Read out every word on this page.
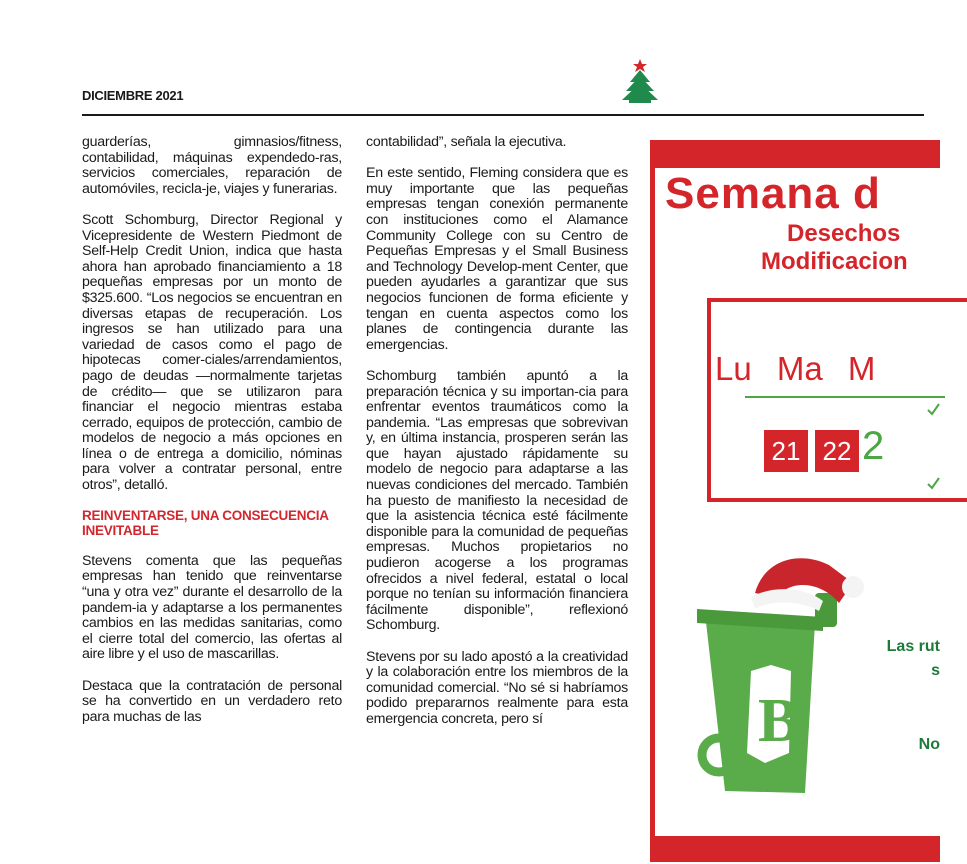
DICIEMBRE 2021

guarderías, gimnasios/fitness, contabilidad, máquinas expendedo-ras, servicios comerciales, reparación de automóviles, recicla-je, viajes y funerarias.

Scott Schomburg, Director Regional y Vicepresidente de Western Piedmont de Self-Help Credit Union, indica que hasta ahora han aprobado financiamiento a 18 pequeñas empresas por un monto de $325.600. “Los negocios se encuentran en diversas etapas de recuperación. Los ingresos se han utilizado para una variedad de casos como el pago de hipotecas comer-ciales/arrendamientos, pago de deudas —normalmente tarjetas de crédito— que se utilizaron para financiar el negocio mientras estaba cerrado, equipos de protección, cambio de modelos de negocio a más opciones en línea o de entrega a domicilio, nóminas para volver a contratar personal, entre otros”, detalló.

REINVENTARSE, UNA CONSECUENCIA INEVITABLE

Stevens comenta que las pequeñas empresas han tenido que reinventarse “una y otra vez” durante el desarrollo de la pandem-ia y adaptarse a los permanentes cambios en las medidas sanitarias, como el cierre total del comercio, las ofertas al aire libre y el uso de mascarillas.

Destaca que la contratación de personal se ha convertido en un verdadero reto para muchas de las

contabilidad”, señala la ejecutiva.

En este sentido, Fleming considera que es muy importante que las pequeñas empresas tengan conexión permanente con instituciones como el Alamance Community College con su Centro de Pequeñas Empresas y el Small Business and Technology Develop-ment Center, que pueden ayudarles a garantizar que sus negocios funcionen de forma eficiente y tengan en cuenta aspectos como los planes de contingencia durante las emergencias.

Schomburg también apuntó a la preparación técnica y su importan-cia para enfrentar eventos traumáticos como la pandemia. “Las empresas que sobrevivan y, en última instancia, prosperen serán las que hayan ajustado rápidamente su modelo de negocio para adaptarse a las nuevas condiciones del mercado. También ha puesto de manifiesto la necesidad de que la asistencia técnica esté fácilmente disponible para la comunidad de pequeñas empresas. Muchos propietarios no pudieron acogerse a los programas ofrecidos a nivel federal, estatal o local porque no tenían su información financiera fácilmente disponible”, reflexionó Schomburg.

Stevens por su lado apostó a la creatividad y la colaboración entre los miembros de la comunidad comercial. “No sé si habríamos podido prepararnos realmente para esta emergencia concreta, pero sí

Semana d
Desechos
Modificacion
Lu Ma M
21 22 2
B
Las rut
s
No
